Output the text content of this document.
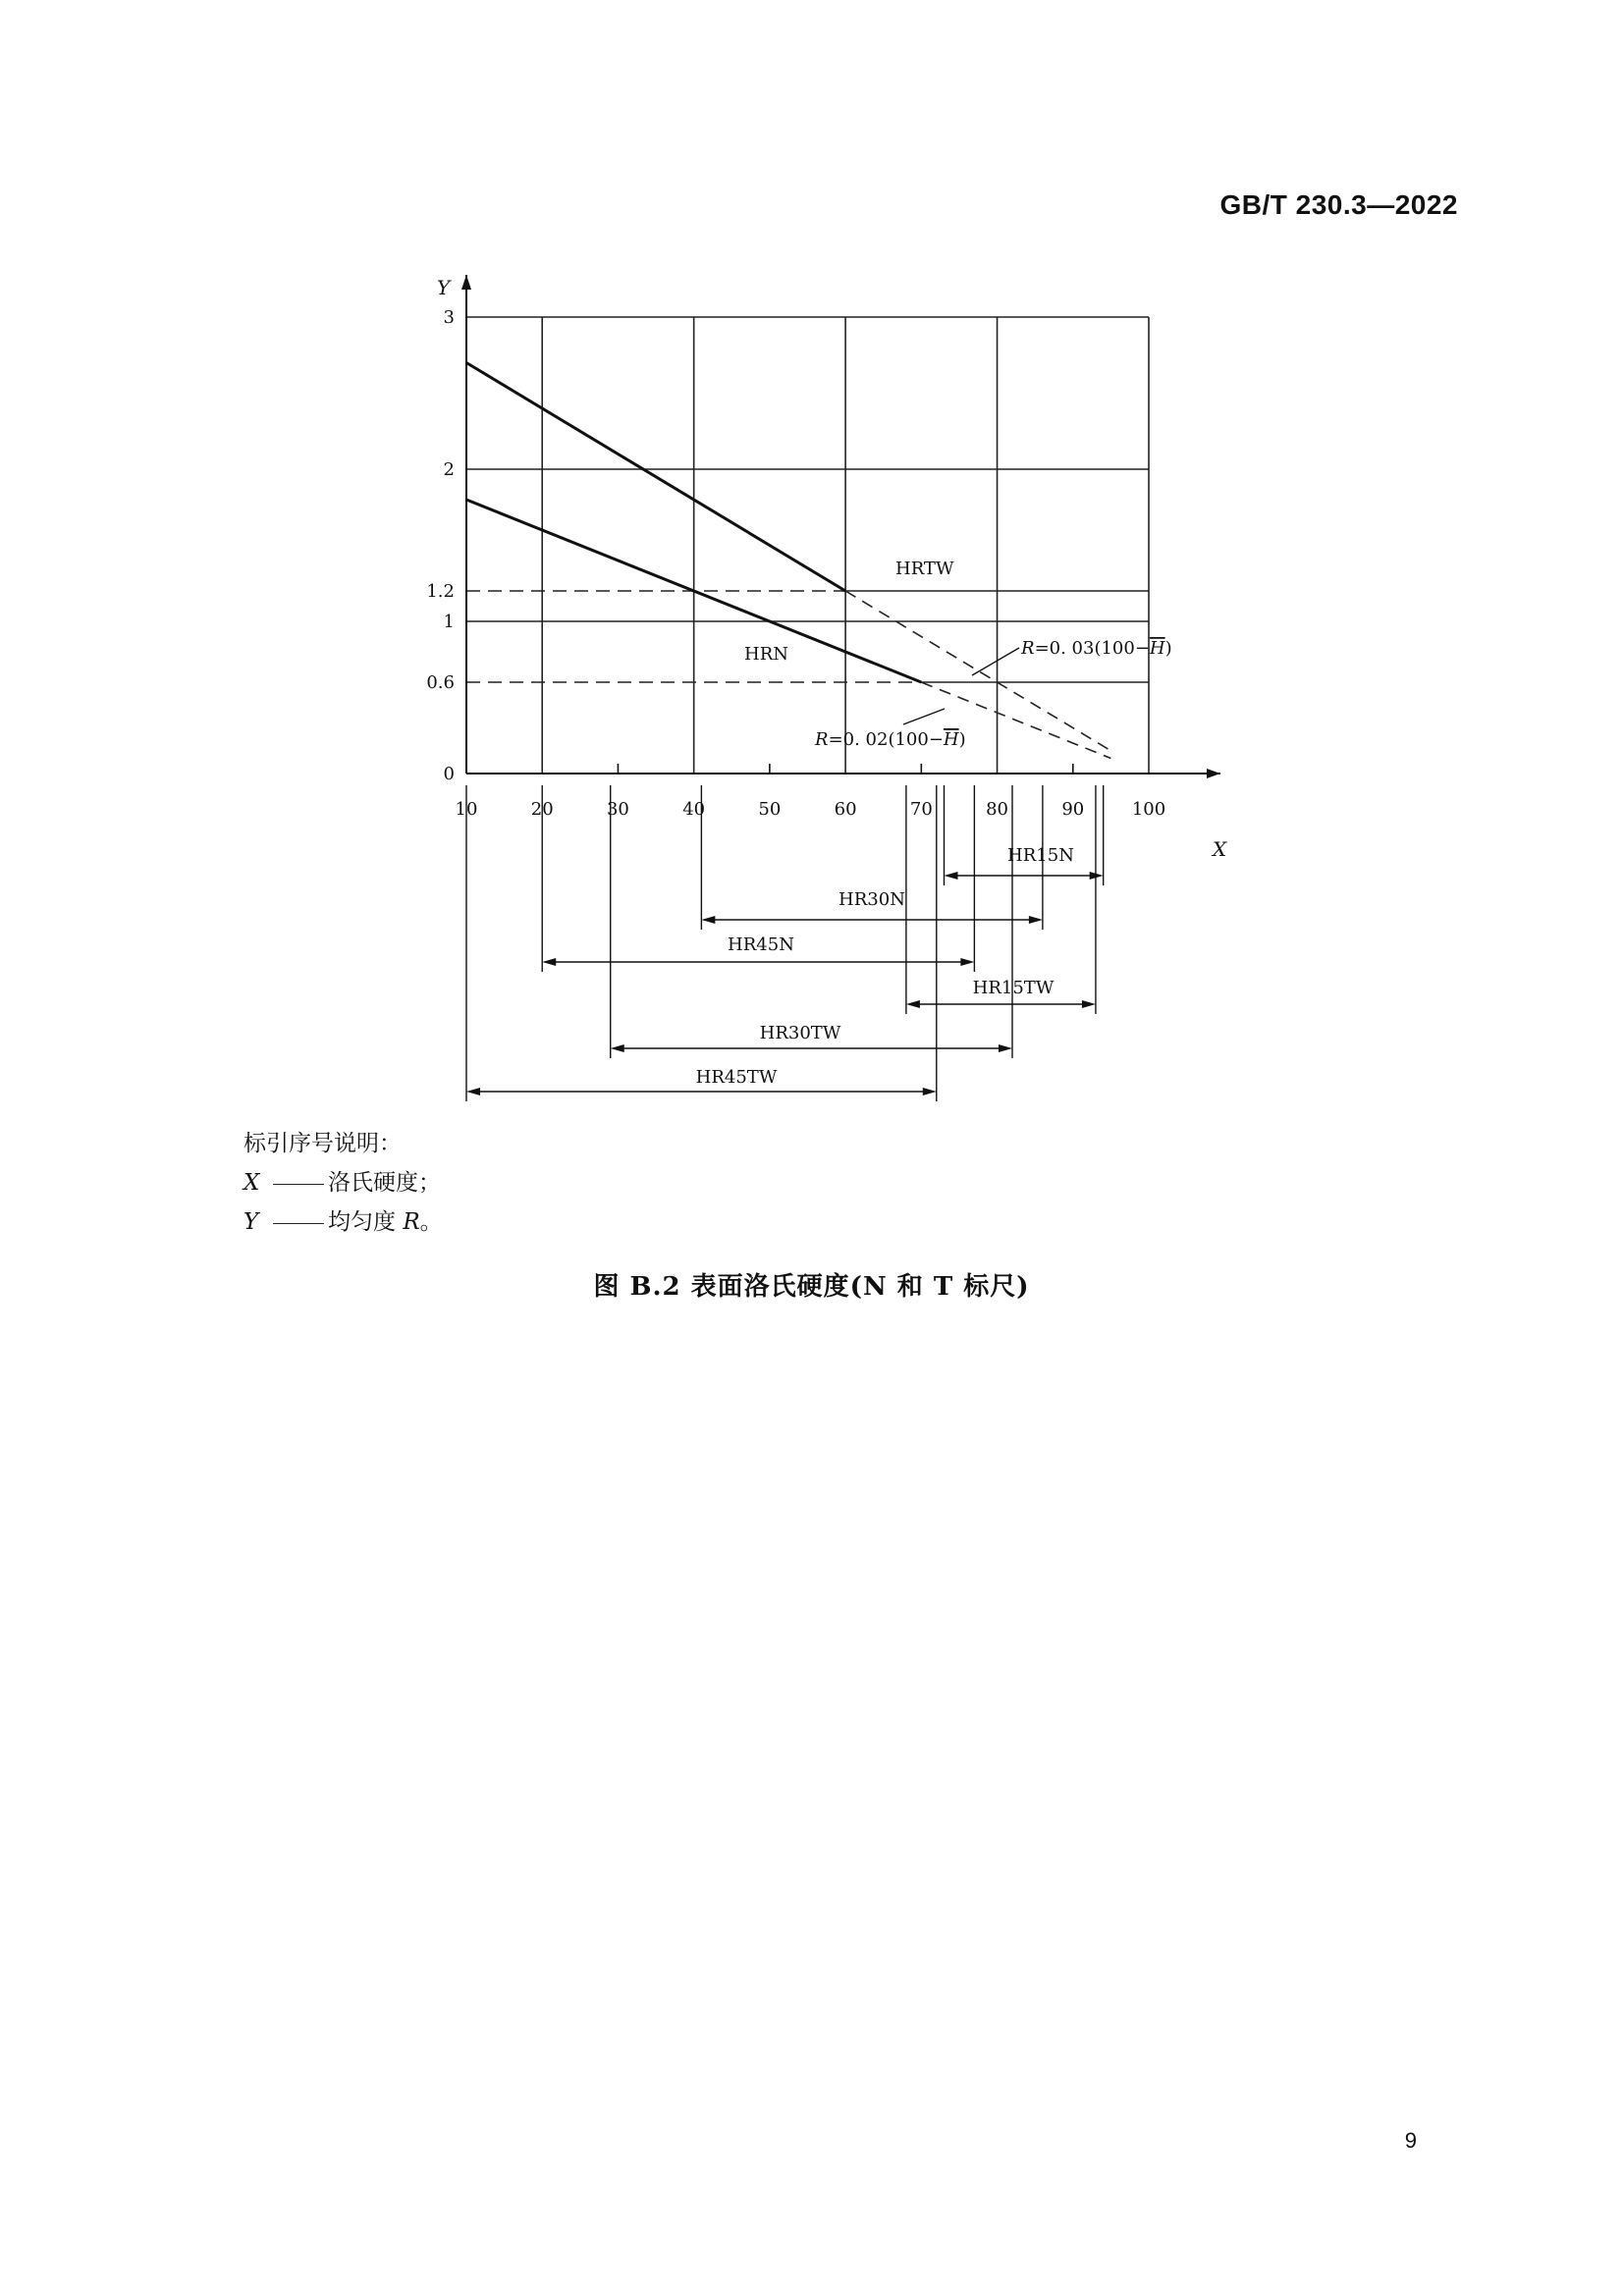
GB/T 230.3—2022
10	20	30	40	50	60	70	80	90	100
0
0.6
1
1.2
2
3
X
Y
HRTW
HRN	R=0. 03(100−H)
R=0. 02(100−H)
HR15N
HR30N
HR45N
HR15TW
HR30TW
HR45TW
标引序号说明：
X	洛氏硬度；
Y	均匀度 R。
图 B.2 表面洛氏硬度(N 和 T 标尺)
9
